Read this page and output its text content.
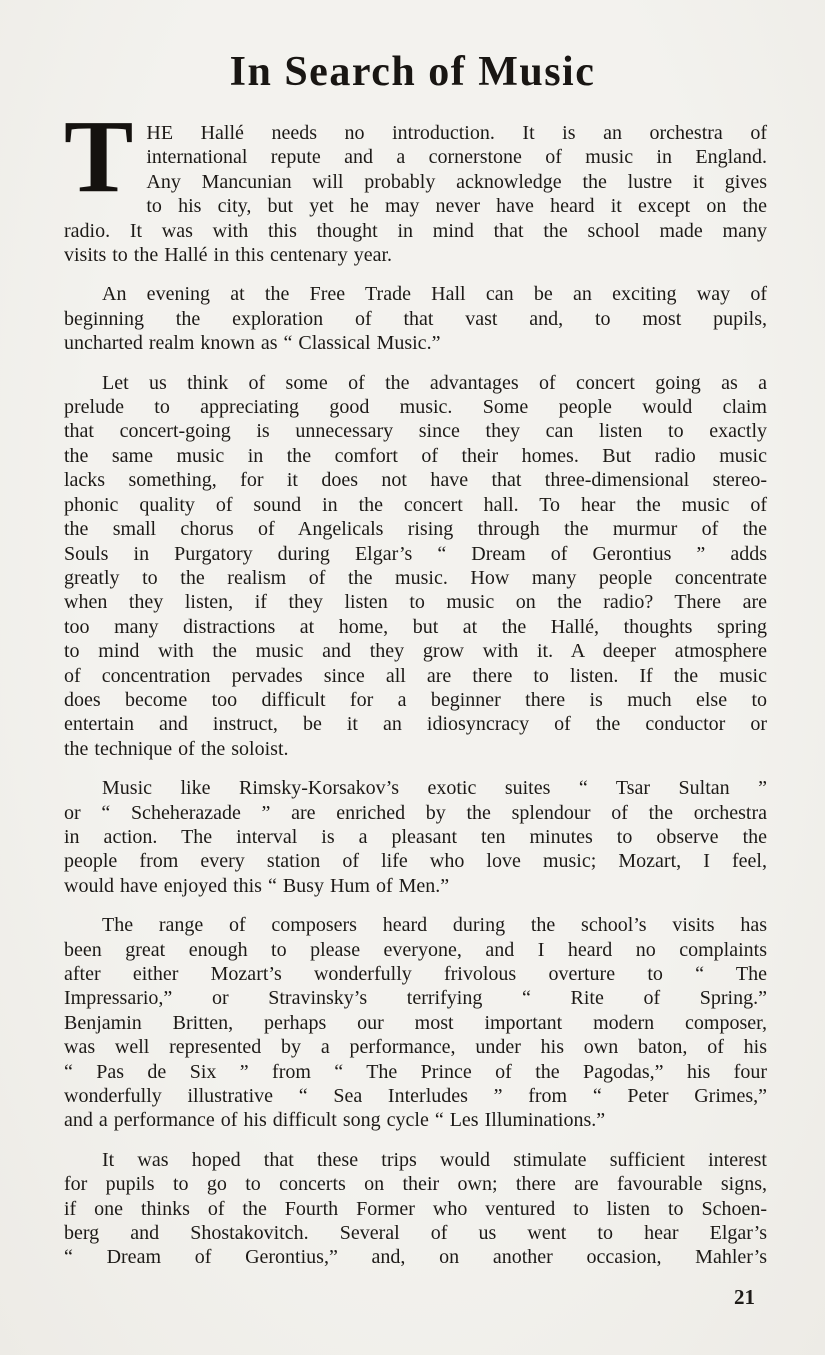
In Search of Music

T HE Hallé needs no introduction. It is an orchestra of
international repute and a cornerstone of music in England.
Any Mancunian will probably acknowledge the lustre it gives
to his city, but yet he may never have heard it except on the
radio. It was with this thought in mind that the school made many
visits to the Hallé in this centenary year.

An evening at the Free Trade Hall can be an exciting way of
beginning the exploration of that vast and, to most pupils,
uncharted realm known as “ Classical Music.”

Let us think of some of the advantages of concert going as a
prelude to appreciating good music. Some people would claim
that concert-going is unnecessary since they can listen to exactly
the same music in the comfort of their homes. But radio music
lacks something, for it does not have that three-dimensional stereo-
phonic quality of sound in the concert hall. To hear the music of
the small chorus of Angelicals rising through the murmur of the
Souls in Purgatory during Elgar’s “ Dream of Gerontius ” adds
greatly to the realism of the music. How many people concentrate
when they listen, if they listen to music on the radio? There are
too many distractions at home, but at the Hallé, thoughts spring
to mind with the music and they grow with it. A deeper atmosphere
of concentration pervades since all are there to listen. If the music
does become too difficult for a beginner there is much else to
entertain and instruct, be it an idiosyncracy of the conductor or
the technique of the soloist.

Music like Rimsky-Korsakov’s exotic suites “ Tsar Sultan ”
or “ Scheherazade ” are enriched by the splendour of the orchestra
in action. The interval is a pleasant ten minutes to observe the
people from every station of life who love music; Mozart, I feel,
would have enjoyed this “ Busy Hum of Men.”

The range of composers heard during the school’s visits has
been great enough to please everyone, and I heard no complaints
after either Mozart’s wonderfully frivolous overture to “ The
Impressario,” or Stravinsky’s terrifying “ Rite of Spring.”
Benjamin Britten, perhaps our most important modern composer,
was well represented by a performance, under his own baton, of his
“ Pas de Six ” from “ The Prince of the Pagodas,” his four
wonderfully illustrative “ Sea Interludes ” from “ Peter Grimes,”
and a performance of his difficult song cycle “ Les Illuminations.”

It was hoped that these trips would stimulate sufficient interest
for pupils to go to concerts on their own; there are favourable signs,
if one thinks of the Fourth Former who ventured to listen to Schoen-
berg and Shostakovitch. Several of us went to hear Elgar’s
“ Dream of Gerontius,” and, on another occasion, Mahler’s

21
